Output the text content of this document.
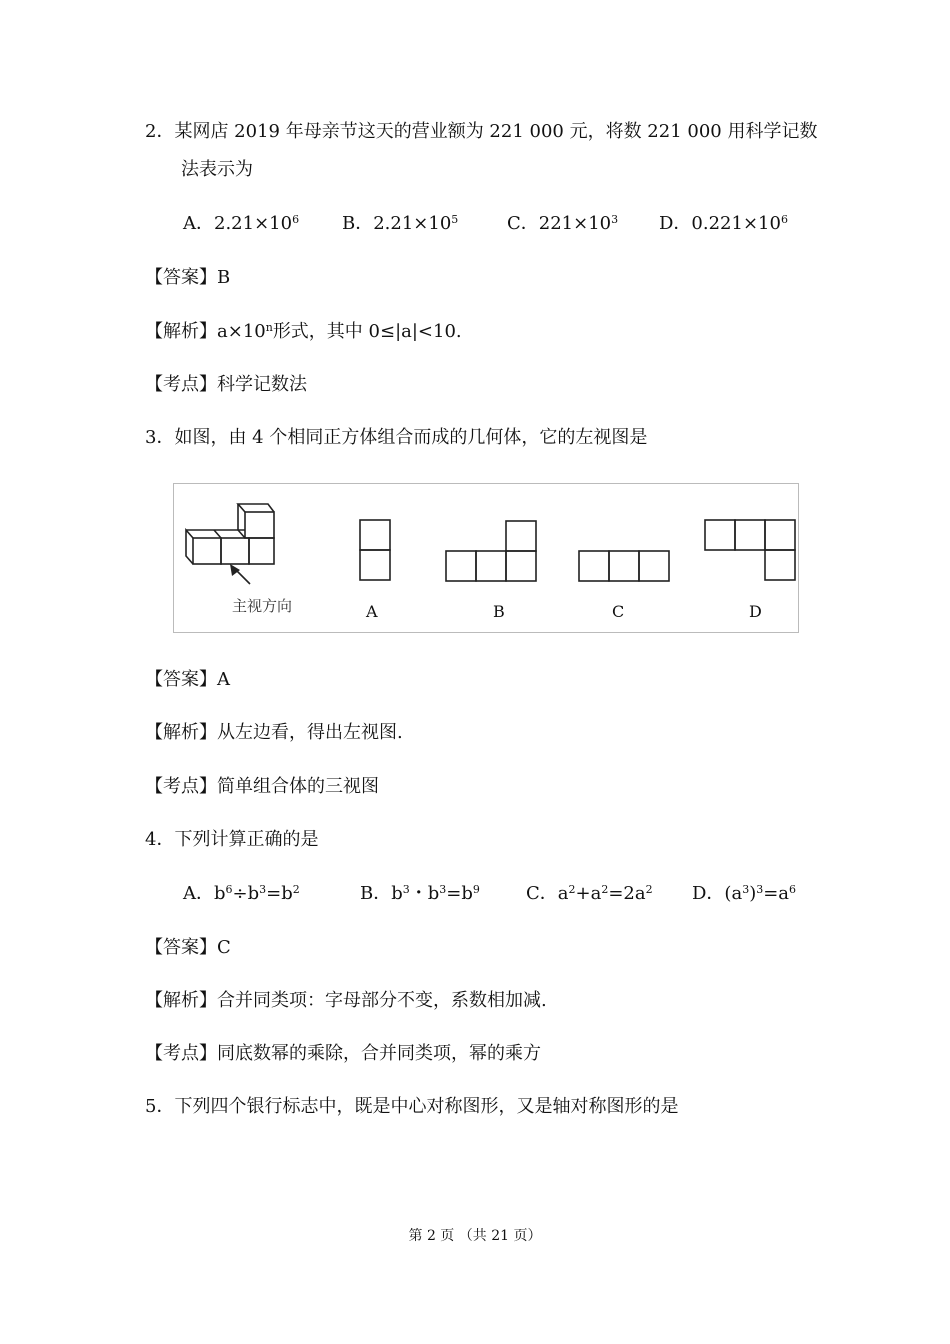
2．某网店 2019 年母亲节这天的营业额为 221 000 元，将数 221 000 用科学记数
法表示为
A．$2.21\times 10^6$ B．$2.21\times 10^5$	C．$221\times 10^3$ D．$0.221\times 10^6$
【答案】B
【解析】$a\times 10^n$形式，其中 0≤|a|<10.
【考点】科学记数法
3．如图，由 4 个相同正方体组合而成的几何体，它的左视图是
主视方向	A	B	C	D
【答案】A
【解析】从左边看，得出左视图.
【考点】简单组合体的三视图
4．下列计算正确的是
A．$b^6\div b^3=b^2$	B．$b^3$・$b^3=b^9$	C．$a^2+a^2=2a^2$ D．$(a^3)^3=a^6$
【答案】C
【解析】合并同类项：字母部分不变，系数相加减.
【考点】同底数幂的乘除，合并同类项，幂的乘方
5．下列四个银行标志中，既是中心对称图形，又是轴对称图形的是
第 2 页 （共 21 页）
